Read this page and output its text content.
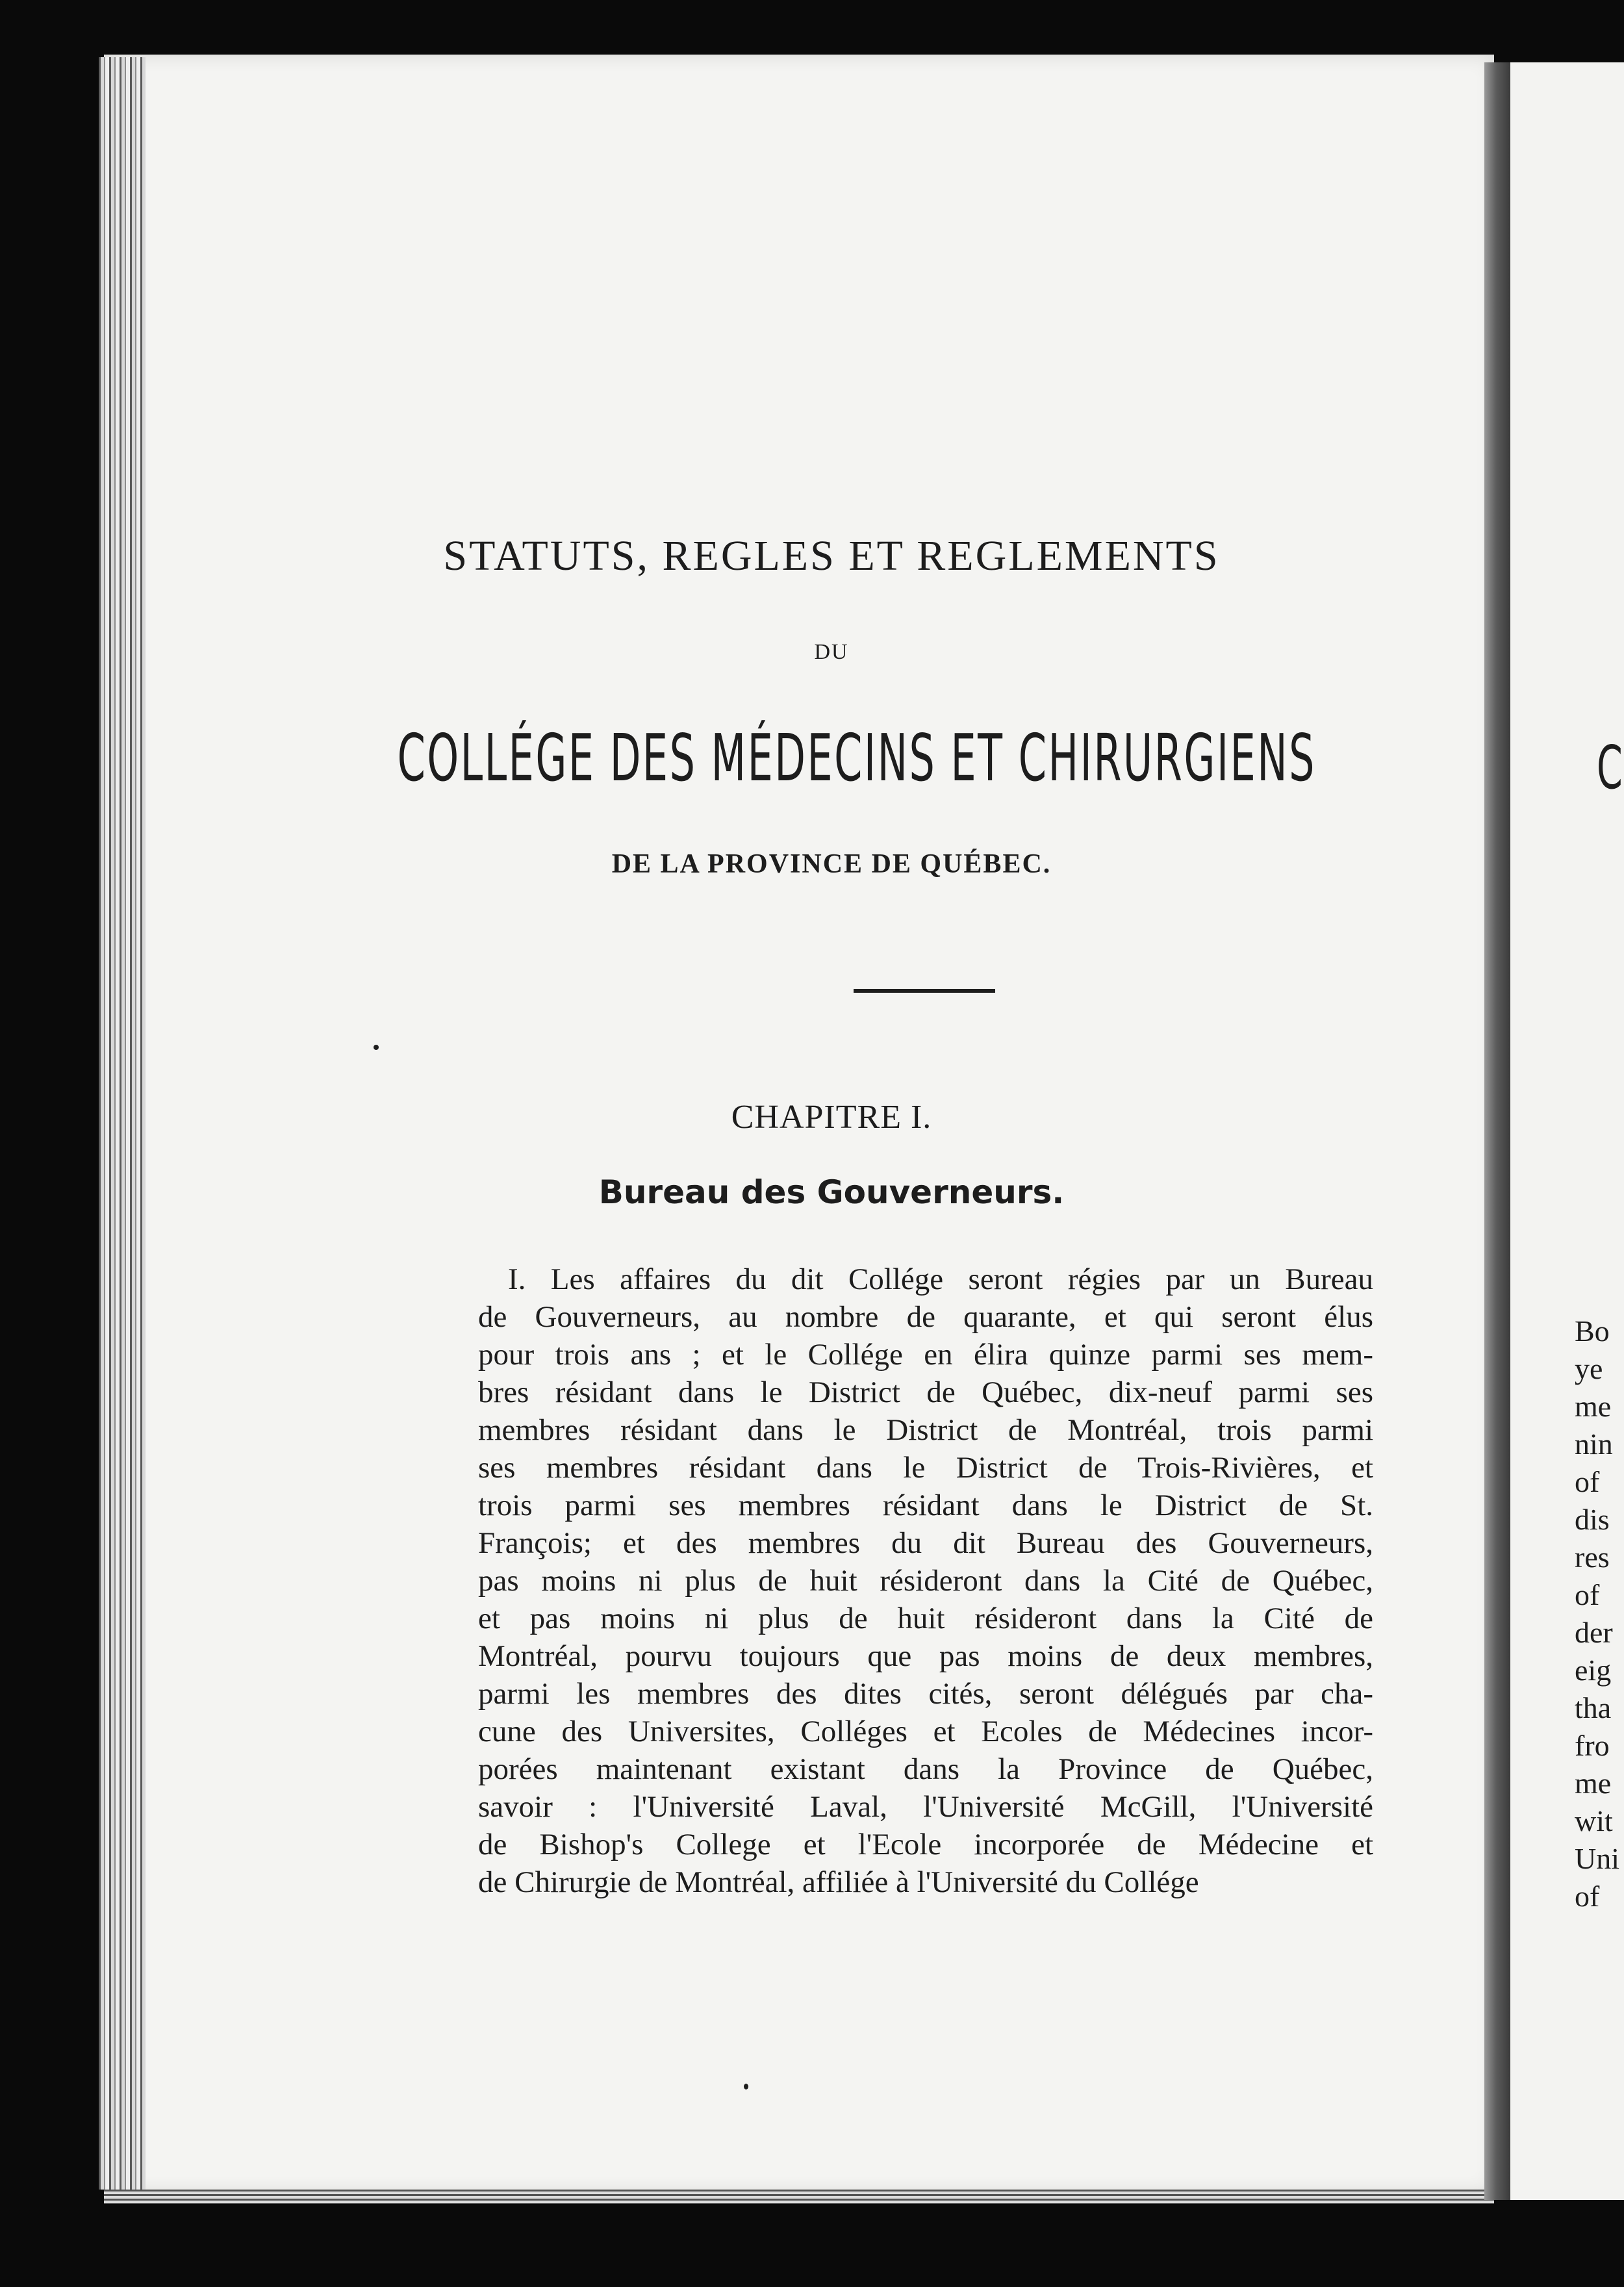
STATUTS, REGLES ET REGLEMENTS
DU
COLLÉGE DES MÉDECINS ET CHIRURGIENS
DE LA PROVINCE DE QUÉBEC.
CHAPITRE I.
Bureau des Gouverneurs.
I. Les affaires du dit Collége seront régies par un Bureau
de Gouverneurs, au nombre de quarante, et qui seront élus
pour trois ans ; et le Collége en élira quinze parmi ses mem-
bres résidant dans le District de Québec, dix-neuf parmi ses
membres résidant dans le District de Montréal, trois parmi
ses membres résidant dans le District de Trois-Rivières, et
trois parmi ses membres résidant dans le District de St.
François; et des membres du dit Bureau des Gouverneurs,
pas moins ni plus de huit résideront dans la Cité de Québec,
et pas moins ni plus de huit résideront dans la Cité de
Montréal, pourvu toujours que pas moins de deux membres,
parmi les membres des dites cités, seront délégués par cha-
cune des Universites, Colléges et Ecoles de Médecines incor-
porées maintenant existant dans la Province de Québec,
savoir : l'Université Laval, l'Université McGill, l'Université
de Bishop's College et l'Ecole incorporée de Médecine et
de Chirurgie de Montréal, affiliée à l'Université du Collége
C
Bo
ye
me
nin
of
dis
res
of
der
eig
tha
fro
me
wit
Uni
of
